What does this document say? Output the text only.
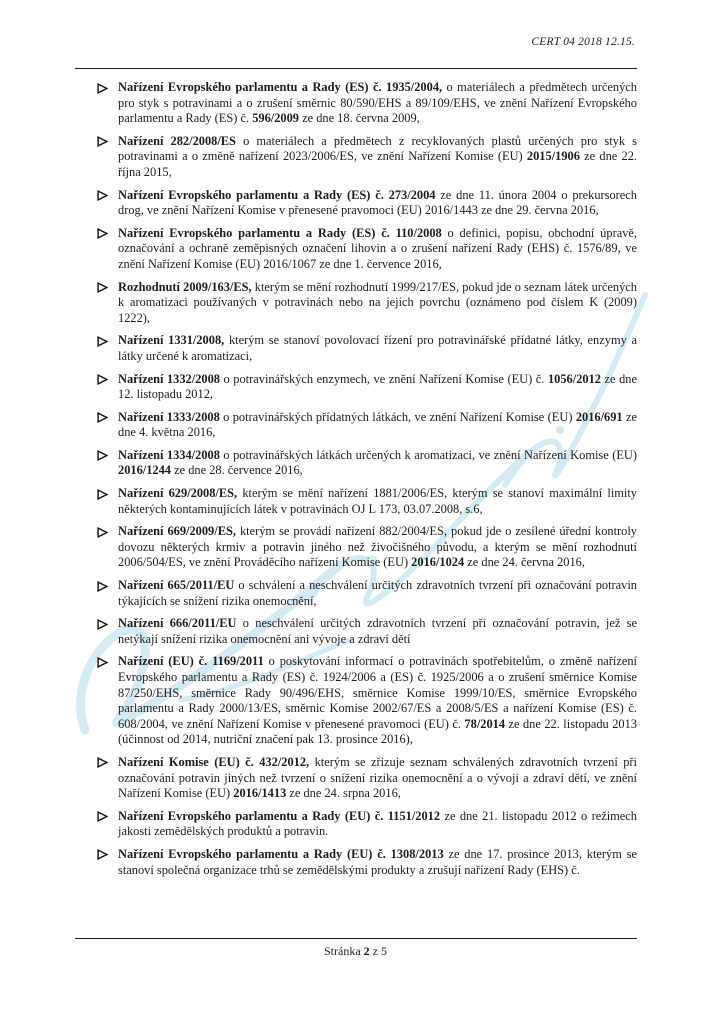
CERT 04 2018 12.15.
Nařízení Evropského parlamentu a Rady (ES) č. 1935/2004, o materiálech a předmětech určených pro styk s potravinami a o zrušení směrnic 80/590/EHS a 89/109/EHS, ve znění Nařízení Evropského parlamentu a Rady (ES) č. 596/2009 ze dne 18. června 2009,
Nařízení 282/2008/ES o materiálech a předmětech z recyklovaných plastů určených pro styk s potravinami a o změně nařízení 2023/2006/ES, ve znění Nařízení Komise (EU) 2015/1906 ze dne 22. října 2015,
Nařízení Evropského parlamentu a Rady (ES) č. 273/2004 ze dne 11. února 2004 o prekursorech drog, ve znění Nařízení Komise v přenesené pravomoci (EU) 2016/1443 ze dne 29. června 2016,
Nařízení Evropského parlamentu a Rady (ES) č. 110/2008 o definici, popisu, obchodní úpravě, označování a ochraně zeměpisných označení lihovin a o zrušení nařízení Rady (EHS) č. 1576/89, ve znění Nařízení Komise (EU) 2016/1067 ze dne 1. července 2016,
Rozhodnutí 2009/163/ES, kterým se mění rozhodnutí 1999/217/ES, pokud jde o seznam látek určených k aromatizaci používaných v potravinách nebo na jejich povrchu (oznámeno pod číslem K (2009) 1222),
Nařízení 1331/2008, kterým se stanoví povolovací řízení pro potravinářské přídatné látky, enzymy a látky určené k aromatizaci,
Nařízení 1332/2008 o potravinářských enzymech, ve znění Nařízení Komise (EU) č. 1056/2012 ze dne 12. listopadu 2012,
Nařízení 1333/2008 o potravinářských přídatných látkách, ve znění Nařízení Komise (EU) 2016/691 ze dne 4. května 2016,
Nařízení 1334/2008 o potravinářských látkách určených k aromatizaci, ve znění Nařízení Komise (EU) 2016/1244 ze dne 28. července 2016,
Nařízení 629/2008/ES, kterým se mění nařízení 1881/2006/ES, kterým se stanoví maximální limity některých kontaminujících látek v potravinách OJ L 173, 03.07.2008, s.6,
Nařízení 669/2009/ES, kterým se provádí nařízení 882/2004/ES, pokud jde o zesílené úřední kontroly dovozu některých krmiv a potravin jiného než živočišného původu, a kterým se mění rozhodnutí 2006/504/ES, ve znění Prováděcího nařízení Komise (EU) 2016/1024 ze dne 24. června 2016,
Nařízení 665/2011/EU o schválení a neschválení určitých zdravotních tvrzení při označování potravin týkajících se snížení rizika onemocnění,
Nařízení 666/2011/EU o neschválení určitých zdravotních tvrzení při označování potravin, jež se netýkají snížení rizika onemocnění ani vývoje a zdraví dětí
Nařízení (EU) č. 1169/2011 o poskytování informací o potravinách spotřebitelům, o změně nařízení Evropského parlamentu a Rady (ES) č. 1924/2006 a (ES) č. 1925/2006 a o zrušení směrnice Komise 87/250/EHS, směrnice Rady 90/496/EHS, směrnice Komise 1999/10/ES, směrnice Evropského parlamentu a Rady 2000/13/ES, směrnic Komise 2002/67/ES a 2008/5/ES a nařízení Komise (ES) č. 608/2004, ve znění Nařízení Komise v přenesené pravomoci (EU) č. 78/2014 ze dne 22. listopadu 2013 (účinnost od 2014, nutriční značení pak 13. prosince 2016),
Nařízení Komise (EU) č. 432/2012, kterým se zřizuje seznam schválených zdravotních tvrzení při označování potravin jiných než tvrzení o snížení rizika onemocnění a o vývoji a zdraví dětí, ve znění Nařízení Komise (EU) 2016/1413 ze dne 24. srpna 2016,
Nařízení Evropského parlamentu a Rady (EU) č. 1151/2012 ze dne 21. listopadu 2012 o režimech jakosti zemědělských produktů a potravin.
Nařízení Evropského parlamentu a Rady (EU) č. 1308/2013 ze dne 17. prosince 2013, kterým se stanoví společná organizace trhů se zemědělskými produkty a zrušují nařízení Rady (EHS) č.
Stránka 2 z 5
